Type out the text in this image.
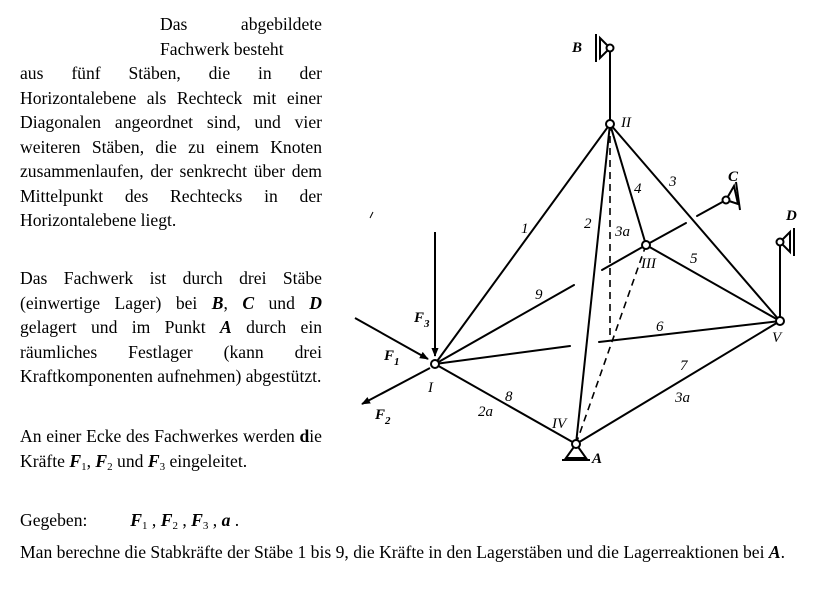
Das abgebildete Fachwerk besteht
aus fünf Stäben, die in der Horizontalebene als Rechteck mit einer Diagonalen angeordnet sind, und vier weiteren Stäben, die zu einem Knoten zusammenlaufen, der senkrecht über dem Mittelpunkt des Rechtecks in der Horizontalebene liegt.
Das Fachwerk ist durch drei Stäbe (einwertige Lager) bei B, C und D gelagert und im Punkt A durch ein räumliches Festlager (kann drei Kraftkomponenten aufnehmen) abgestützt.
An einer Ecke des Fachwerkes werden die Kräfte $F_1$, $F_2$ und $F_3$ eingeleitet.
Gegeben: $F_1$ , $F_2$ , $F_3$ , a .
Man berechne die Stabkräfte der Stäbe 1 bis 9, die Kräfte in den Lagerstäben und die Lagerreaktionen bei A.
II
III
I
IV
V
B
C
D
A
1	2
3
4
5
6
7
8
9
3a
2a
3a
$F_3$
$F_1$
$F_2$
